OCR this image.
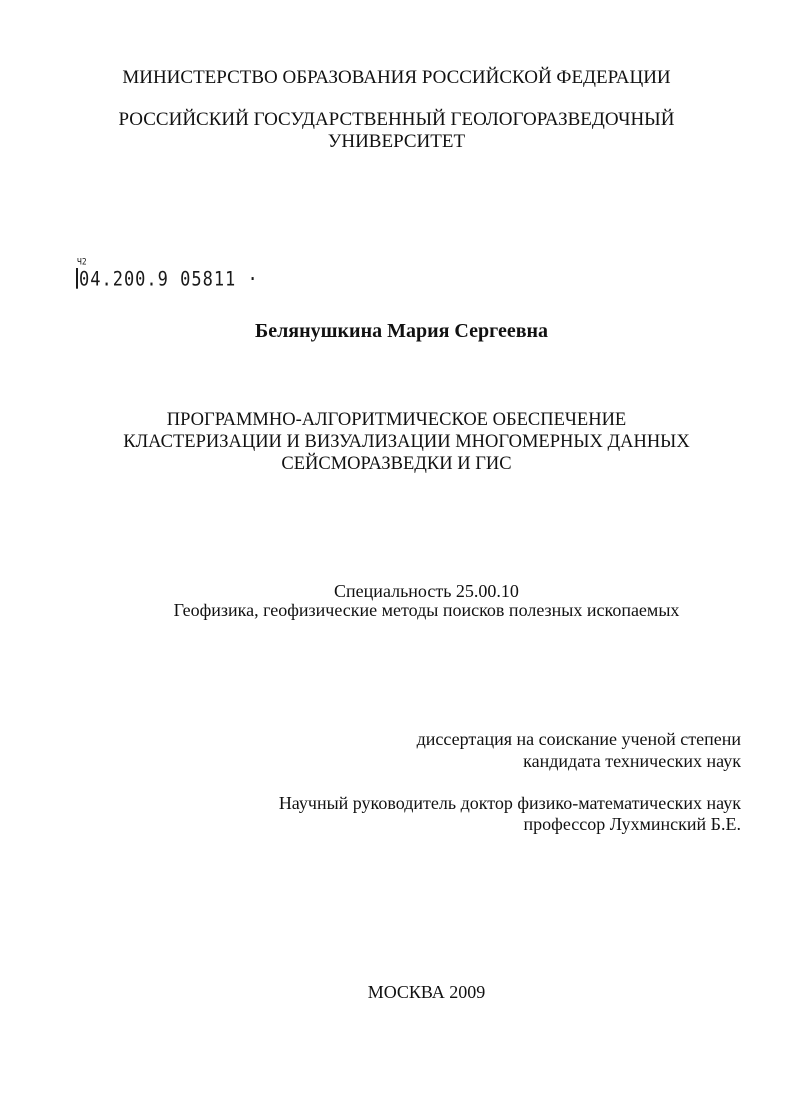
МИНИСТЕРСТВО ОБРАЗОВАНИЯ РОССИЙСКОЙ ФЕДЕРАЦИИ
РОССИЙСКИЙ ГОСУДАРСТВЕННЫЙ ГЕОЛОГОРАЗВЕДОЧНЫЙ
УНИВЕРСИТЕТ
Ч2
04.200.9 05811 ·
Белянушкина Мария Сергеевна
ПРОГРАММНО-АЛГОРИТМИЧЕСКОЕ ОБЕСПЕЧЕНИЕ
КЛАСТЕРИЗАЦИИ И ВИЗУАЛИЗАЦИИ МНОГОМЕРНЫХ ДАННЫХ
СЕЙСМОРАЗВЕДКИ И ГИС
Специальность 25.00.10
Геофизика, геофизические методы поисков полезных ископаемых
диссертация на соискание ученой степени
кандидата технических наук
Научный руководитель доктор физико-математических наук
профессор Лухминский Б.Е.
МОСКВА 2009
